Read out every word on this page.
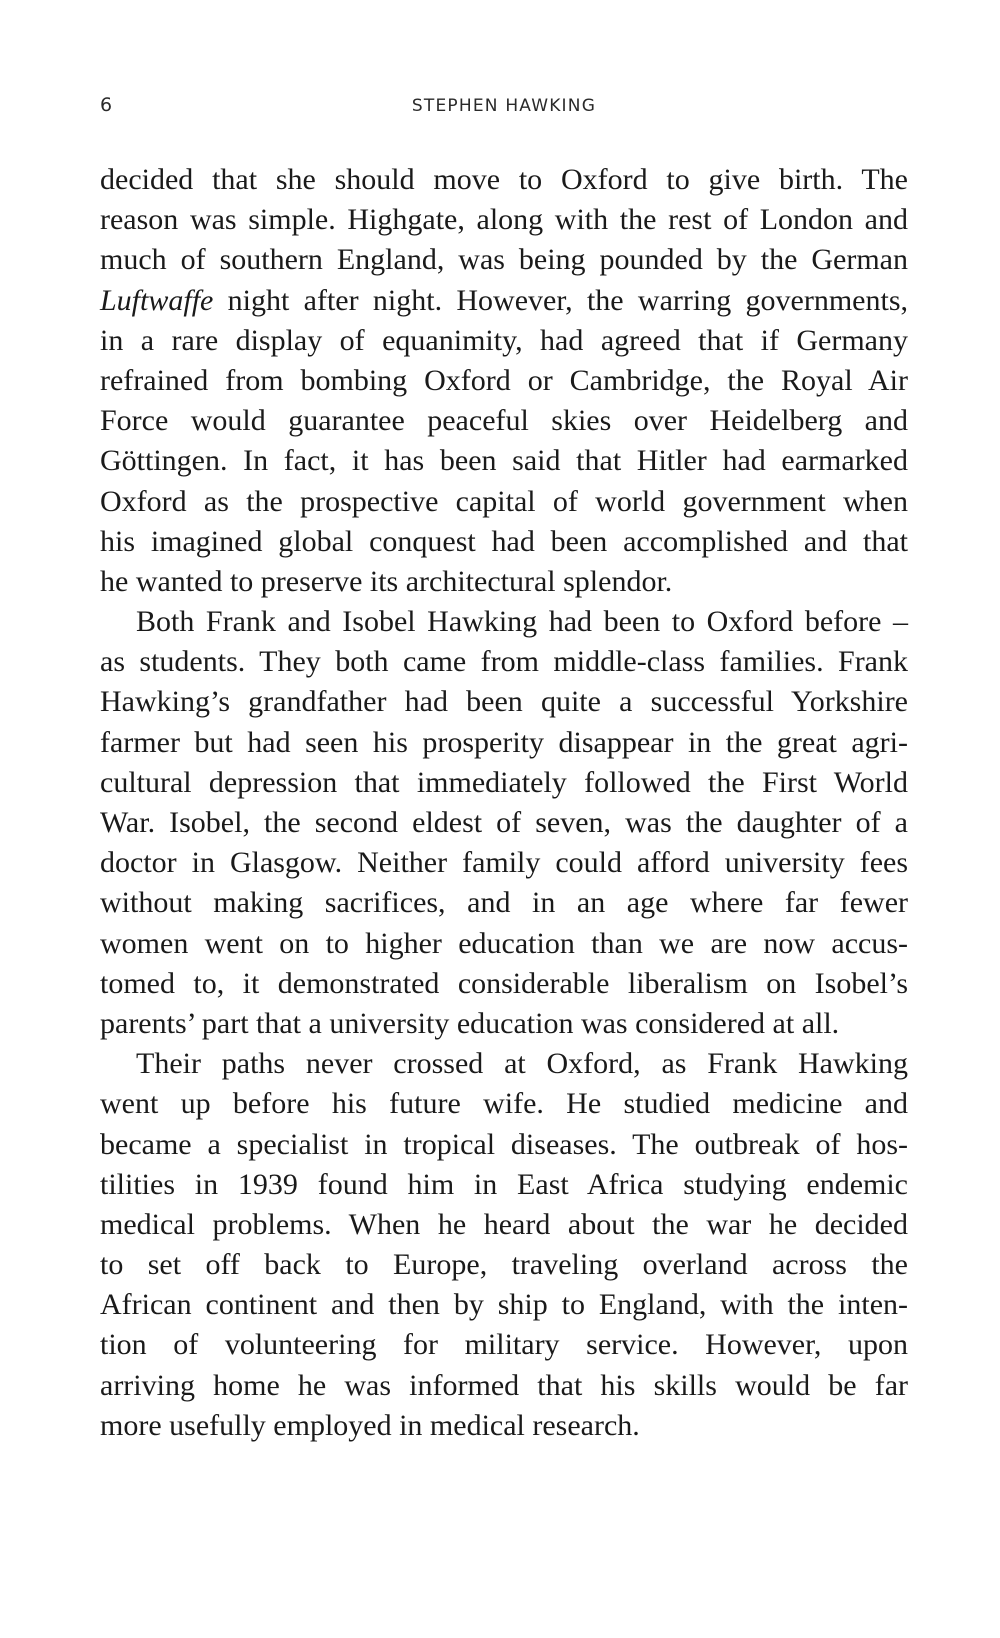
6	STEPHEN HAWKING
decided that she should move to Oxford to give birth. The
reason was simple. Highgate, along with the rest of London and
much of southern England, was being pounded by the German
Luftwaffe night after night. However, the warring governments,
in a rare display of equanimity, had agreed that if Germany
refrained from bombing Oxford or Cambridge, the Royal Air
Force would guarantee peaceful skies over Heidelberg and
Göttingen. In fact, it has been said that Hitler had earmarked
Oxford as the prospective capital of world government when
his imagined global conquest had been accomplished and that
he wanted to preserve its architectural splendor.
Both Frank and Isobel Hawking had been to Oxford before –
as students. They both came from middle-class families. Frank
Hawking’s grandfather had been quite a successful Yorkshire
farmer but had seen his prosperity disappear in the great agri-
cultural depression that immediately followed the First World
War. Isobel, the second eldest of seven, was the daughter of a
doctor in Glasgow. Neither family could afford university fees
without making sacrifices, and in an age where far fewer
women went on to higher education than we are now accus-
tomed to, it demonstrated considerable liberalism on Isobel’s
parents’ part that a university education was considered at all.
Their paths never crossed at Oxford, as Frank Hawking
went up before his future wife. He studied medicine and
became a specialist in tropical diseases. The outbreak of hos-
tilities in 1939 found him in East Africa studying endemic
medical problems. When he heard about the war he decided
to set off back to Europe, traveling overland across the
African continent and then by ship to England, with the inten-
tion of volunteering for military service. However, upon
arriving home he was informed that his skills would be far
more usefully employed in medical research.
